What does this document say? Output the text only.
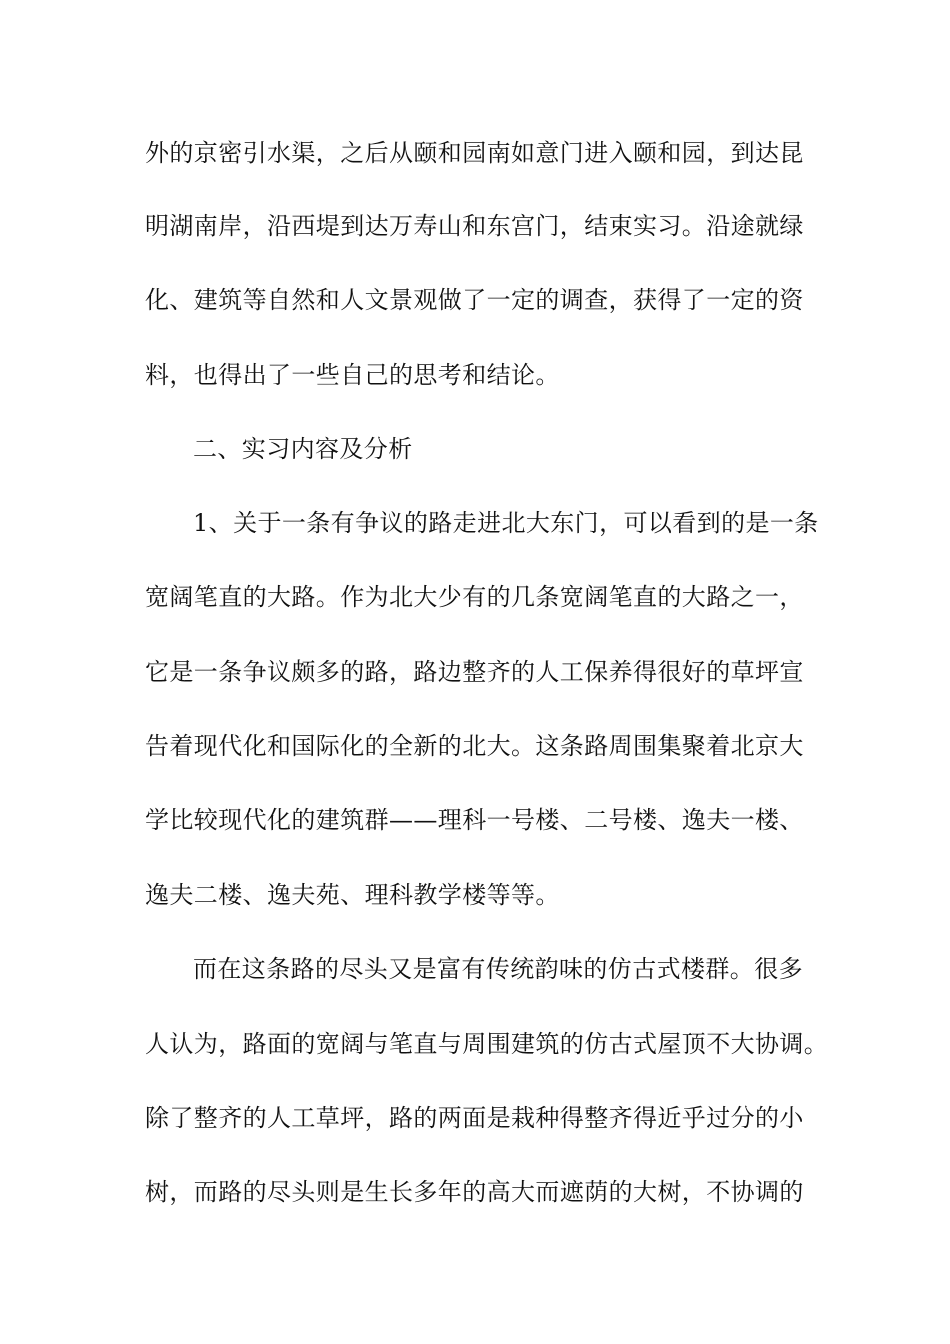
外的京密引水渠，之后从颐和园南如意门进入颐和园，到达昆
明湖南岸，沿西堤到达万寿山和东宫门，结束实习。沿途就绿
化、建筑等自然和人文景观做了一定的调查，获得了一定的资
料，也得出了一些自己的思考和结论。
二、实习内容及分析
1、关于一条有争议的路走进北大东门，可以看到的是一条
宽阔笔直的大路。作为北大少有的几条宽阔笔直的大路之一，
它是一条争议颇多的路，路边整齐的人工保养得很好的草坪宣
告着现代化和国际化的全新的北大。这条路周围集聚着北京大
学比较现代化的建筑群——理科一号楼、二号楼、逸夫一楼、
逸夫二楼、逸夫苑、理科教学楼等等。
而在这条路的尽头又是富有传统韵味的仿古式楼群。很多
人认为，路面的宽阔与笔直与周围建筑的仿古式屋顶不大协调。
除了整齐的人工草坪，路的两面是栽种得整齐得近乎过分的小
树，而路的尽头则是生长多年的高大而遮荫的大树，不协调的
